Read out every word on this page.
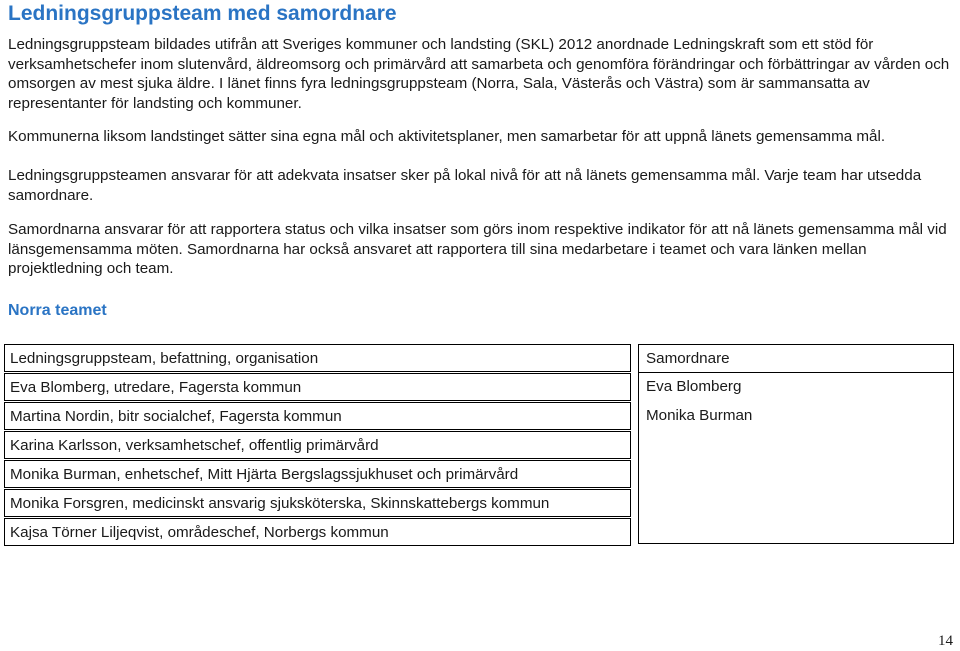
Ledningsgruppsteam med samordnare

Ledningsgruppsteam bildades utifrån att Sveriges kommuner och landsting (SKL) 2012 anordnade Ledningskraft som ett stöd för verksamhetschefer inom slutenvård, äldreomsorg och primärvård att samarbeta och genomföra förändringar och förbättringar av vården och omsorgen av mest sjuka äldre. I länet finns fyra ledningsgruppsteam (Norra, Sala, Västerås och Västra) som är sammansatta av representanter för landsting och kommuner.

Kommunerna liksom landstinget sätter sina egna mål och aktivitetsplaner, men samarbetar för att uppnå länets gemensamma mål.

Ledningsgruppsteamen ansvarar för att adekvata insatser sker på lokal nivå för att nå länets gemensamma mål. Varje team har utsedda samordnare.

Samordnarna ansvarar för att rapportera status och vilka insatser som görs inom respektive indikator för att nå länets gemensamma mål vid länsgemensamma möten. Samordnarna har också ansvaret att rapportera till sina medarbetare i teamet och vara länken mellan projektledning och team.

Norra teamet
Ledningsgruppsteam, befattning, organisation
Eva Blomberg, utredare, Fagersta kommun
Martina Nordin, bitr socialchef, Fagersta kommun
Karina Karlsson, verksamhetschef, offentlig primärvård
Monika Burman, enhetschef, Mitt Hjärta Bergslagssjukhuset och primärvård
Monika Forsgren, medicinskt ansvarig sjuksköterska, Skinnskattebergs kommun
Kajsa Törner Liljeqvist, områdeschef, Norbergs kommun
Samordnare
Eva Blomberg
Monika Burman
14
